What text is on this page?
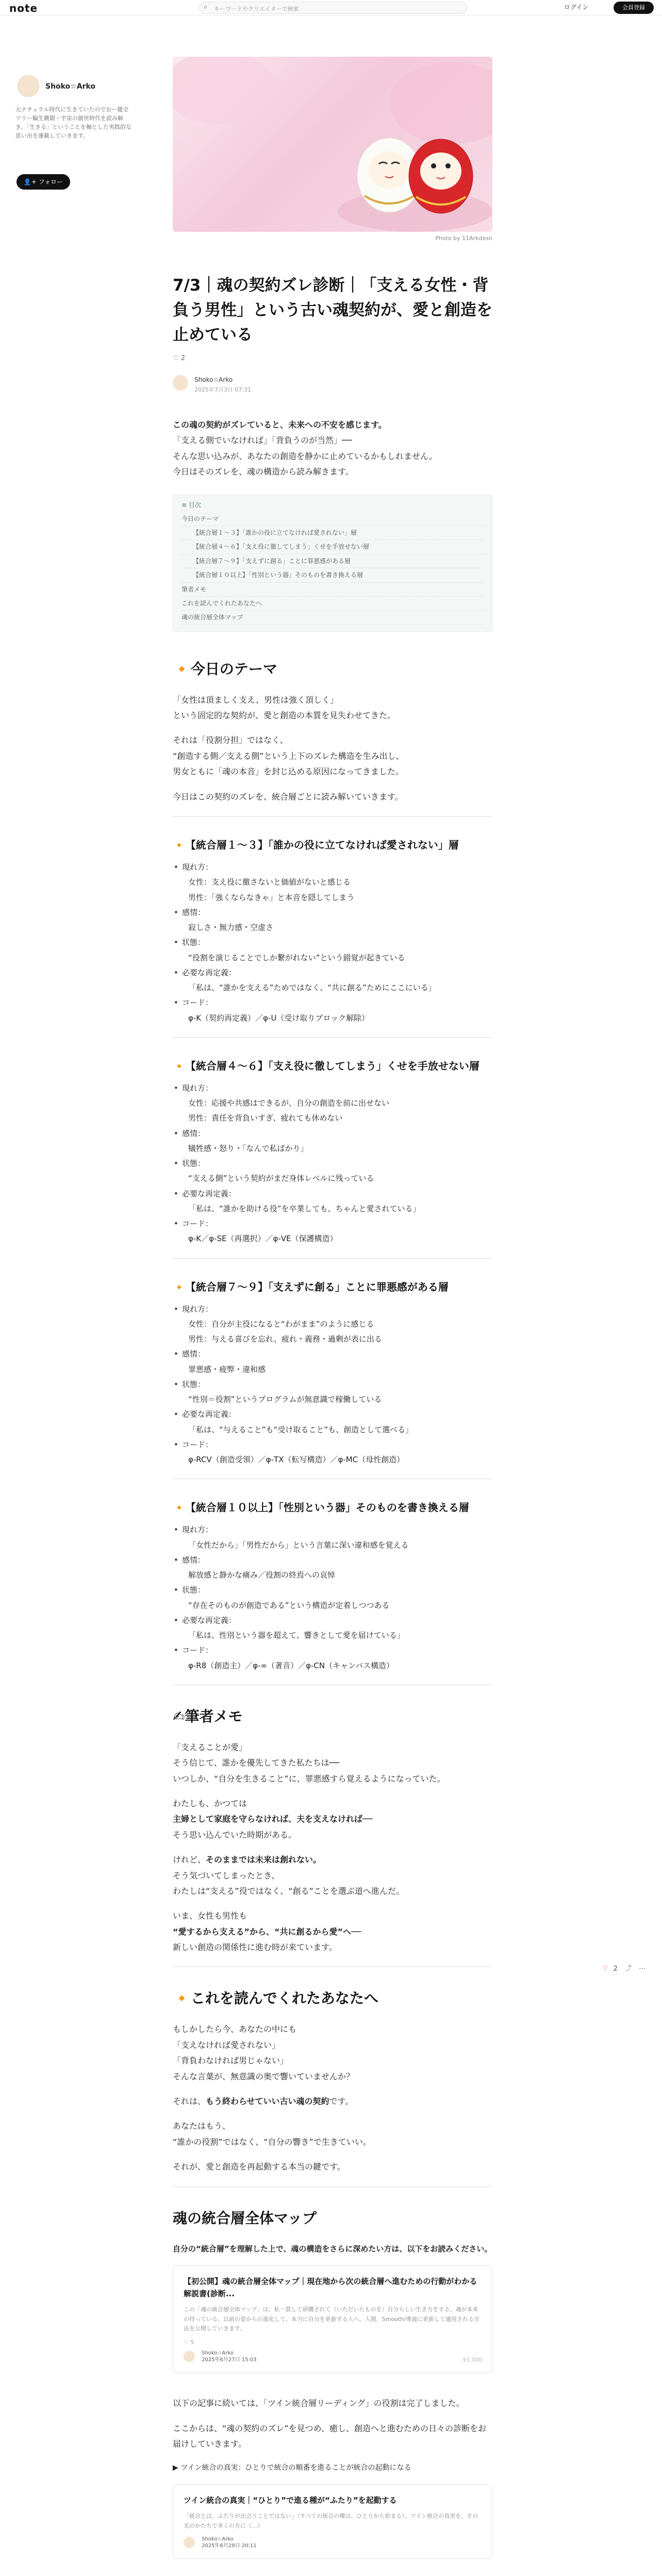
note	⌕ キーワードやクリエイターで検索	ログイン	会員登録

Shoko☆Arko
元ナチュラル時代に生きていたのでおー健全ツリー輪生鍍銀・宇宙の創世時代を読み解き、「生きる」ということを軸とした実践的な思い出を連載していきます。
👤+ フォロー
Photo by 11Arkdesn
7/3｜魂の契約ズレ診断｜「支える女性・背負う男性」という古い魂契約が、愛と創造を止めている
♡ 2
Shoko☆Arko
2025年7月3日 07:31
この魂の契約がズレていると、未来への不安を感じます。
「支える側でいなければ」「背負うのが当然」──
そんな思い込みが、あなたの創造を静かに止めているかもしれません。
今日はそのズレを、魂の構造から読み解きます。
≡ 目次
今日のテーマ
【統合層１〜３】「誰かの役に立てなければ愛されない」層
【統合層４〜６】「支え役に徹してしまう」くせを手放せない層
【統合層７〜９】「支えずに創る」ことに罪悪感がある層
【統合層１０以上】「性別という器」そのものを書き換える層
筆者メモ
これを読んでくれたあなたへ
魂の統合層全体マップ
🔸今日のテーマ
「女性は頂ましく支え、男性は強く頂しく」
という固定的な契約が、愛と創造の本質を見失わせてきた。
それは「役割分担」ではなく、
“創造する側／支える側”という上下のズレた構造を生み出し、
男女ともに「魂の本音」を封じ込める原因になってきました。
今日はこの契約のズレを、統合層ごとに読み解いていきます。
🔸【統合層１〜３】「誰かの役に立てなければ愛されない」層
• 現れ方：
女性：支え役に徹さないと価値がないと感じる
男性：「強くならなきゃ」と本音を隠してしまう
• 感情：
寂しさ・無力感・空虚さ
• 状態：
“役割を演じることでしか繋がれない”という錯覚が起きている
• 必要な再定義：
「私は、“誰かを支える”ためではなく、“共に創る”ためにここにいる」
• コード：
φ-K（契約再定義）／φ-U（受け取りブロック解除）
🔸【統合層４〜６】「支え役に徹してしまう」くせを手放せない層
• 現れ方：
女性：応援や共感はできるが、自分の創造を前に出せない
男性：責任を背負いすぎ、疲れても休めない
• 感情：
犠牲感・怒り・「なんで私ばかり」
• 状態：
“支える側”という契約がまだ身体レベルに残っている
• 必要な再定義：
「私は、“誰かを助ける役”を卒業しても、ちゃんと愛されている」
• コード：
φ-K／φ-SE（再選択）／φ-VE（保護構造）
🔸【統合層７〜９】「支えずに創る」ことに罪悪感がある層
• 現れ方：
女性：自分が主役になると“わがまま”のように感じる
男性：与える喜びを忘れ、疲れ・義務・過剰が表に出る
• 感情：
罪悪感・疲弊・違和感
• 状態：
“性別＝役割”というプログラムが無意識で稼働している
• 必要な再定義：
「私は、“与えること”も“受け取ること”も、創造として選べる」
• コード：
φ-RCV（創造受領）／φ-TX（転写構造）／φ-MC（母性創造）
🔸【統合層１０以上】「性別という器」そのものを書き換える層
• 現れ方：
「女性だから」「男性だから」という言葉に深い違和感を覚える
• 感情：
解放感と静かな痛み／役割の終焉への哀悼
• 状態：
“存在そのものが創造である”という構造が定着しつつある
• 必要な再定義：
「私は、性別という器を超えて、響きとして愛を届けている」
• コード：
φ-R8（創造主）／φ-∞（著音）／φ-CN（キャンバス構造）
✍筆者メモ
「支えることが愛」
そう信じて、誰かを優先してきた私たちは──
いつしか、“自分を生きること”に、罪悪感すら覚えるようになっていた。
わたしも、かつては
主婦として家庭を守らなければ、夫を支えなければ──
そう思い込んでいた時期がある。
けれど、そのままでは未来は創れない。
そう気づいてしまったとき、
わたしは“支える”役ではなく、“創る”ことを選ぶ道へ進んだ。
いま、女性も男性も
“愛するから支える”から、“共に創るから愛”へ──
新しい創造の関係性に進む時が来ています。
🔸これを読んでくれたあなたへ
もしかしたら今、あなたの中にも
「支えなければ愛されない」
「背負わなければ男じゃない」
そんな言葉が、無意識の奥で響いていませんか？
それは、もう終わらせていい古い魂の契約です。
あなたはもう、
“誰かの役割”ではなく、“自分の響き”で生きていい。
それが、愛と創造を再起動する本当の鍵です。
魂の統合層全体マップ
自分の“統合層”を理解した上で、魂の構造をさらに深めたい方は、以下をお読みください。
【初公開】魂の統合層全体マップ｜現在地から次の統合層へ進むための行動がわかる解説書(診断...
この「魂の統合層全体マップ」は、私一貫して研鑽されて（いただいたものを）自分らしい生き方をする、魂が本来の持っている、以前の姿からの進化して、本当に自分を更新する人へ。人間、Smooth/導通に更新して適用される方法を公開していきます。
♡ 5
Shoko☆Arko
2025年6月27日 15:03	¥1,000
以下の記事に続いては、「ツイン統合層リーディング」の役割は完了しました。
ここからは、“魂の契約のズレ”を見つめ、癒し、創造へと進むための日々の診断をお届けしていきます。
▶ ツイン統合の真実：ひとりで統合の順番を進ることが統合の起動になる
ツイン統合の真実｜“ひとり”で進る種が“ふたり”を起動する
「統合とは、ふたりが出会うことではない」（すべての統合の種は、ひとりから始まる）。ツイン統合の真実を、その光のかたちで多くの方に（…）
Shoko☆Arko
2025年6月29日 20:11
♡ 2 ⤴ ⋯
